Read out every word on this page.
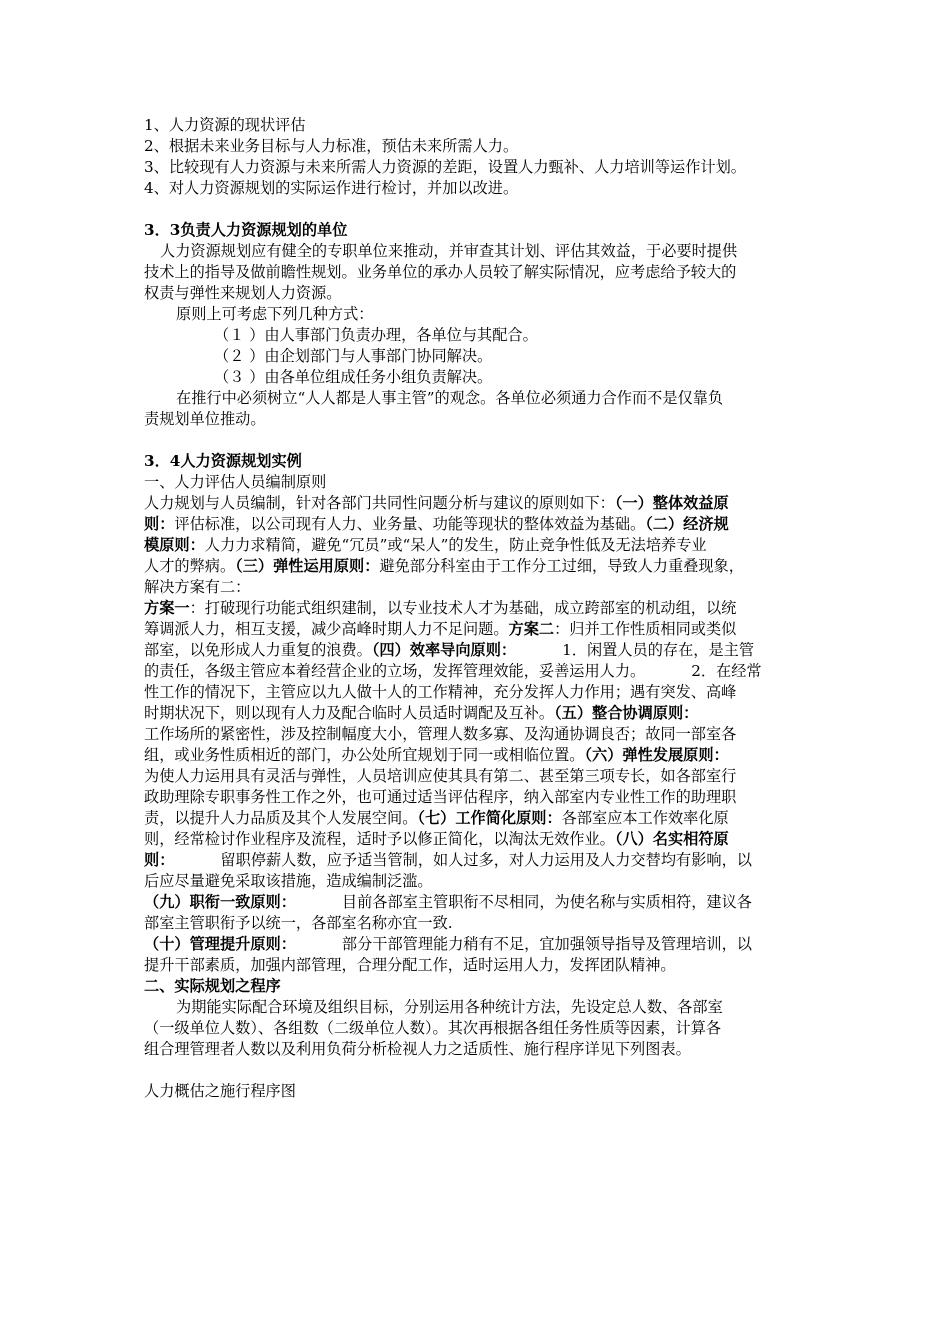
1、人力资源的现状评估
2、根据未来业务目标与人力标准，预估未来所需人力。
3、比较现有人力资源与未来所需人力资源的差距，设置人力甄补、人力培训等运作计划。
4、对人力资源规划的实际运作进行检讨，并加以改进。
3．3负责人力资源规划的单位
人力资源规划应有健全的专职单位来推动，并审查其计划、评估其效益，于必要时提供
技术上的指导及做前瞻性规划。业务单位的承办人员较了解实际情况，应考虑给予较大的
权责与弹性来规划人力资源。
原则上可考虑下列几种方式：
（１ ）由人事部门负责办理，各单位与其配合。
（２ ）由企划部门与人事部门协同解决。
（３ ）由各单位组成任务小组负责解决。
在推行中必须树立“人人都是人事主管”的观念。各单位必须通力合作而不是仅靠负
责规划单位推动。
3．4人力资源规划实例
一、人力评估人员编制原则
人力规划与人员编制，针对各部门共同性问题分析与建议的原则如下：（一）整体效益原
则：评估标准，以公司现有人力、业务量、功能等现状的整体效益为基础。（二）经济规
模原则：人力力求精简，避免“冗员”或“呆人”的发生，防止竞争性低及无法培养专业
人才的弊病。（三）弹性运用原则：避免部分科室由于工作分工过细，导致人力重叠现象，
解决方案有二：
方案一：打破现行功能式组织建制，以专业技术人才为基础，成立跨部室的机动组，以统
筹调派人力，相互支援，减少高峰时期人力不足问题。方案二：归并工作性质相同或类似
部室，以免形成人力重复的浪费。（四）效率导向原则：	1．闲置人员的存在，是主管
的责任，各级主管应本着经营企业的立场，发挥管理效能，妥善运用人力。	2．在经常
性工作的情况下，主管应以九人做十人的工作精神，充分发挥人力作用；遇有突发、高峰
时期状况下，则以现有人力及配合临时人员适时调配及互补。（五）整合协调原则：
工作场所的紧密性，涉及控制幅度大小，管理人数多寡、及沟通协调良否；故同一部室各
组，或业务性质相近的部门，办公处所宜规划于同一或相临位置。（六）弹性发展原则：
为使人力运用具有灵活与弹性，人员培训应使其具有第二、甚至第三项专长，如各部室行
政助理除专职事务性工作之外，也可通过适当评估程序，纳入部室内专业性工作的助理职
责，以提升人力品质及其个人发展空间。（七）工作简化原则：各部室应本工作效率化原
则，经常检讨作业程序及流程，适时予以修正简化，以淘汰无效作业。（八）名实相符原
则：	留职停薪人数，应予适当管制，如人过多，对人力运用及人力交替均有影响，以
后应尽量避免采取该措施，造成编制泛滥。
（九）职衔一致原则：	目前各部室主管职衔不尽相同，为使名称与实质相符，建议各
部室主管职衔予以统一，各部室名称亦宜一致.
（十）管理提升原则：	部分干部管理能力稍有不足，宜加强领导指导及管理培训，以
提升干部素质，加强内部管理，合理分配工作，适时运用人力，发挥团队精神。
二、实际规划之程序
为期能实际配合环境及组织目标，分别运用各种统计方法，先设定总人数、各部室
（一级单位人数）、各组数（二级单位人数）。其次再根据各组任务性质等因素，计算各
组合理管理者人数以及利用负荷分析检视人力之适质性、施行程序详见下列图表。
人力概估之施行程序图
